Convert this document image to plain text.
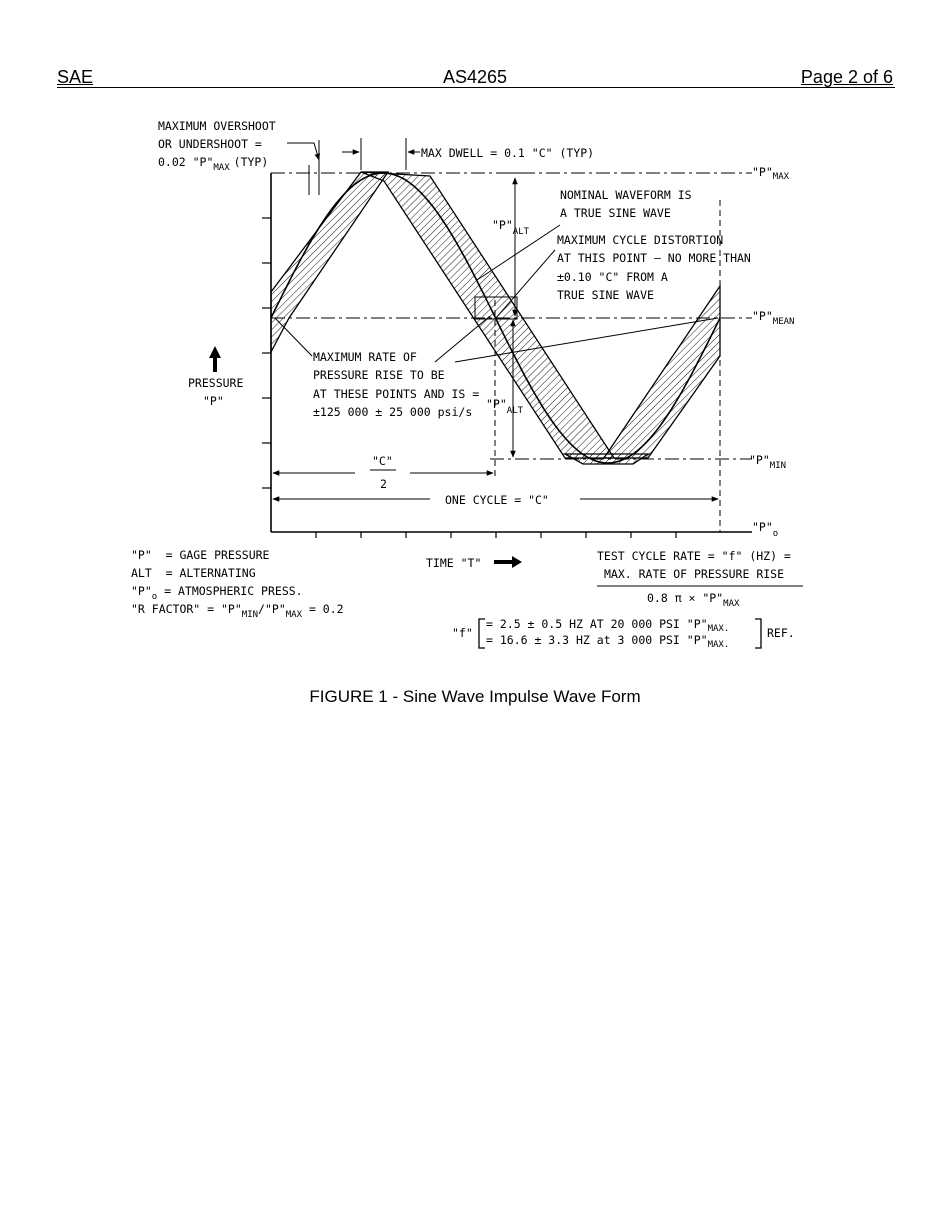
SAE	AS4265	Page 2 of 6
MAXIMUM OVERSHOOT
OR UNDERSHOOT =
0.02 "$P"_{MAX}$ (TYP)
MAX DWELL = 0.1 "C" (TYP)
NOMINAL WAVEFORM IS
A TRUE SINE WAVE
MAXIMUM CYCLE DISTORTION
AT THIS POINT — NO MORE THAN
±0.10 "C" FROM A
TRUE SINE WAVE
MAXIMUM RATE OF
PRESSURE RISE TO BE
AT THESE POINTS AND IS =
±125 000 ± 25 000 psi/s
PRESSURE
"P"
"$P"_{MAX}$
"$P"_{MEAN}$
"$P"_{MIN}$
"$P"_o$
"$P"_{ALT}$
"$P"_{ALT}$
"C"
2
ONE CYCLE = "C"
TIME "T"
"P"  = GAGE PRESSURE
ALT  = ALTERNATING
"$P"_o$ = ATMOSPHERIC PRESS.
"R FACTOR" = "$P"_{MIN}/"P"_{MAX} = 0.2$
TEST CYCLE RATE = "f" (HZ) =
MAX. RATE OF PRESSURE RISE
0.8 $\pi \times "P"_{MAX}$
"f"
= 2.5 ± 0.5 HZ AT 20 000 PSI "$P"_{MAX.}$
= 16.6 ± 3.3 HZ at 3 000 PSI "$P"_{MAX.}$
REF.
FIGURE 1 - Sine Wave Impulse Wave Form
